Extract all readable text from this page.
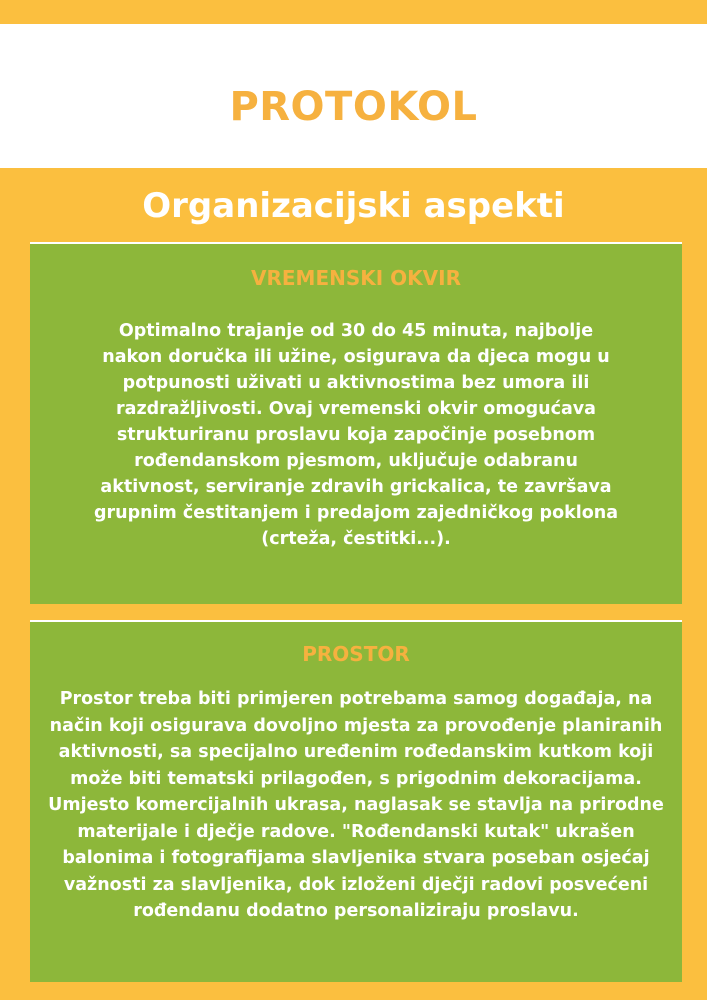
PROTOKOL
Organizacijski aspekti
VREMENSKI OKVIR
Optimalno trajanje od 30 do 45 minuta, najbolje nakon doručka ili užine, osigurava da djeca mogu u potpunosti uživati u aktivnostima bez umora ili razdražljivosti. Ovaj vremenski okvir omogućava strukturiranu proslavu koja započinje posebnom rođendanskom pjesmom, uključuje odabranu aktivnost, serviranje zdravih grickalica, te završava grupnim čestitanjem i predajom zajedničkog poklona (crteža, čestitki...).
PROSTOR
Prostor treba biti primjeren potrebama samog događaja, na način koji osigurava dovoljno mjesta za provođenje planiranih aktivnosti, sa specijalno uređenim rođedanskim kutkom koji može biti tematski prilagođen, s prigodnim dekoracijama. Umjesto komercijalnih ukrasa, naglasak se stavlja na prirodne materijale i dječje radove. "Rođendanski kutak" ukrašen balonima i fotografijama slavljenika stvara poseban osjećaj važnosti za slavljenika, dok izloženi dječji radovi posvećeni rođendanu dodatno personaliziraju proslavu.
